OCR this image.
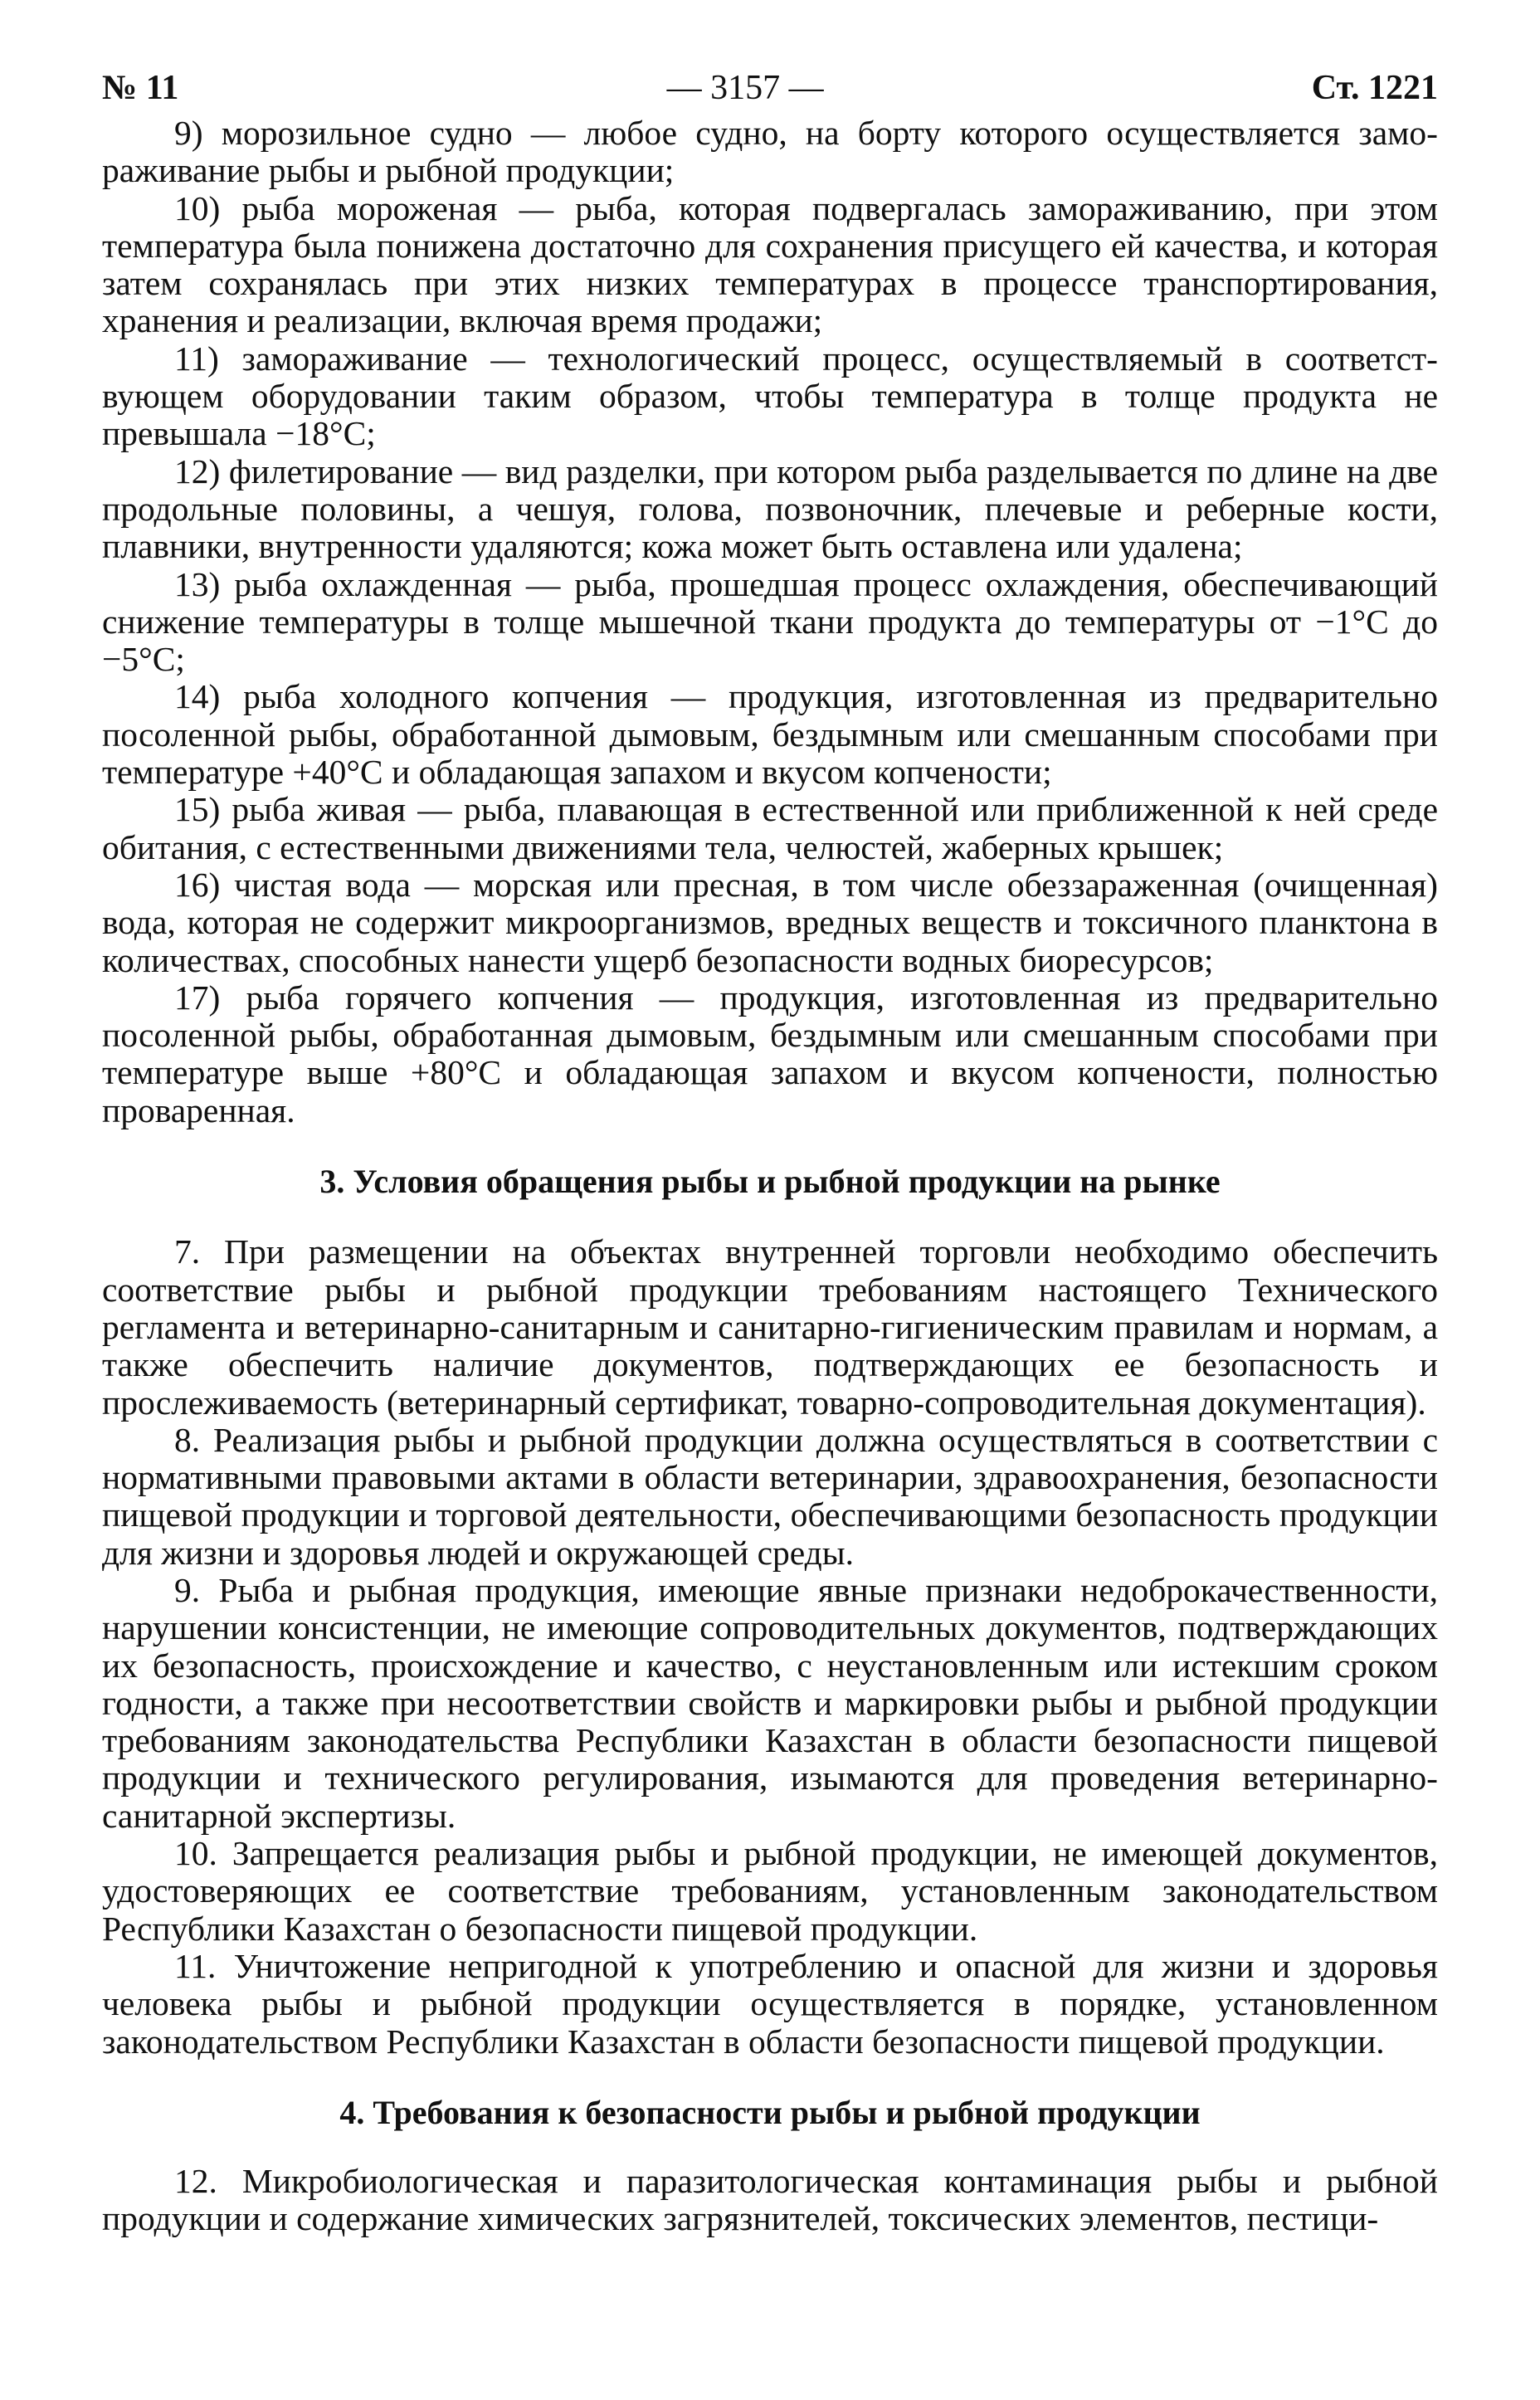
№ 11	— 3157 —	Ст. 1221

9) морозильное судно — любое судно, на борту которого осуществляется замораживание рыбы и рыбной продукции;

10) рыба мороженая — рыба, которая подвергалась замораживанию, при этом температура была понижена достаточно для сохранения присущего ей качества, и которая затем сохранялась при этих низких температурах в процессе транспортирования, хранения и реализации, включая время продажи;

11) замораживание — технологический процесс, осуществляемый в соответствующем оборудовании таким образом, чтобы температура в толще продукта не превышала −18°С;

12) филетирование — вид разделки, при котором рыба разделывается по длине на две продольные половины, а чешуя, голова, позвоночник, плечевые и реберные кости, плавники, внутренности удаляются; кожа может быть оставлена или удалена;

13) рыба охлажденная — рыба, прошедшая процесс охлаждения, обеспечивающий снижение температуры в толще мышечной ткани продукта до температуры от −1°С до −5°С;

14) рыба холодного копчения — продукция, изготовленная из предварительно посоленной рыбы, обработанной дымовым, бездымным или смешанным способами при температуре +40°С и обладающая запахом и вкусом копчености;

15) рыба живая — рыба, плавающая в естественной или приближенной к ней среде обитания, с естественными движениями тела, челюстей, жаберных крышек;

16) чистая вода — морская или пресная, в том числе обеззараженная (очищенная) вода, которая не содержит микроорганизмов, вредных веществ и токсичного планктона в количествах, способных нанести ущерб безопасности водных биоресурсов;

17) рыба горячего копчения — продукция, изготовленная из предварительно посоленной рыбы, обработанная дымовым, бездымным или смешанным способами при температуре выше +80°С и обладающая запахом и вкусом копчености, полностью проваренная.

3. Условия обращения рыбы и рыбной продукции на рынке

7. При размещении на объектах внутренней торговли необходимо обеспечить соответствие рыбы и рыбной продукции требованиям настоящего Технического регламента и ветеринарно-санитарным и санитарно-гигиеническим правилам и нормам, а также обеспечить наличие документов, подтверждающих ее безопасность и прослеживаемость (ветеринарный сертификат, товарно-сопроводительная документация).

8. Реализация рыбы и рыбной продукции должна осуществляться в соответствии с нормативными правовыми актами в области ветеринарии, здравоохранения, безопасности пищевой продукции и торговой деятельности, обеспечивающими безопасность продукции для жизни и здоровья людей и окружающей среды.

9. Рыба и рыбная продукция, имеющие явные признаки недоброкачественности, нарушении консистенции, не имеющие сопроводительных документов, подтверждающих их безопасность, происхождение и качество, с неустановленным или истекшим сроком годности, а также при несоответствии свойств и маркировки рыбы и рыбной продукции требованиям законодательства Республики Казахстан в области безопасности пищевой продукции и технического регулирования, изымаются для проведения ветеринарно-санитарной экспертизы.

10. Запрещается реализация рыбы и рыбной продукции, не имеющей документов, удостоверяющих ее соответствие требованиям, установленным законодательством Республики Казахстан о безопасности пищевой продукции.

11. Уничтожение непригодной к употреблению и опасной для жизни и здоровья человека рыбы и рыбной продукции осуществляется в порядке, установленном законодательством Республики Казахстан в области безопасности пищевой продукции.

4. Требования к безопасности рыбы и рыбной продукции

12. Микробиологическая и паразитологическая контаминация рыбы и рыбной продукции и содержание химических загрязнителей, токсических элементов, пестици-
